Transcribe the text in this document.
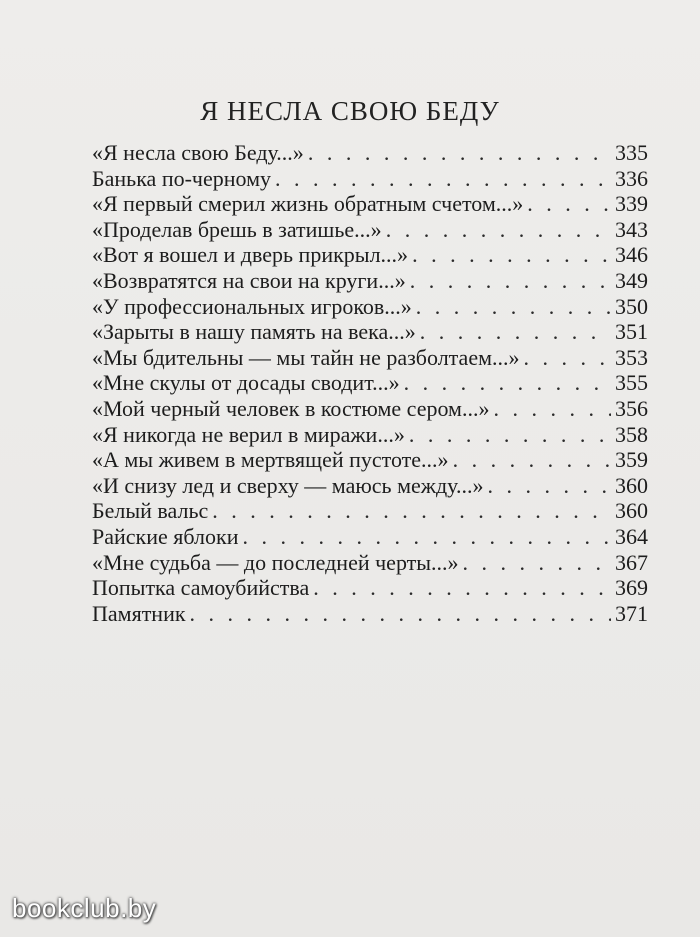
Я НЕСЛА СВОЮ БЕДУ
«Я несла свою Беду...» . . .	335
Банька по-черному . . .	336
«Я первый смерил жизнь обратным счетом...» . . .	339
«Проделав брешь в затишье...» . . .	343
«Вот я вошел и дверь прикрыл...» . . .	346
«Возвратятся на свои на круги...» . . .	349
«У профессиональных игроков...» . . .	350
«Зарыты в нашу память на века...» . . .	351
«Мы бдительны — мы тайн не разболтаем...» . . .	353
«Мне скулы от досады сводит...» . . .	355
«Мой черный человек в костюме сером...» . . .	356
«Я никогда не верил в миражи...» . . .	358
«А мы живем в мертвящей пустоте...» . . .	359
«И снизу лед и сверху — маюсь между...» . . .	360
Белый вальс . . .	360
Райские яблоки . . .	364
«Мне судьба — до последней черты...» . . .	367
Попытка самоубийства . . .	369
Памятник . . .	371
bookclub.by
